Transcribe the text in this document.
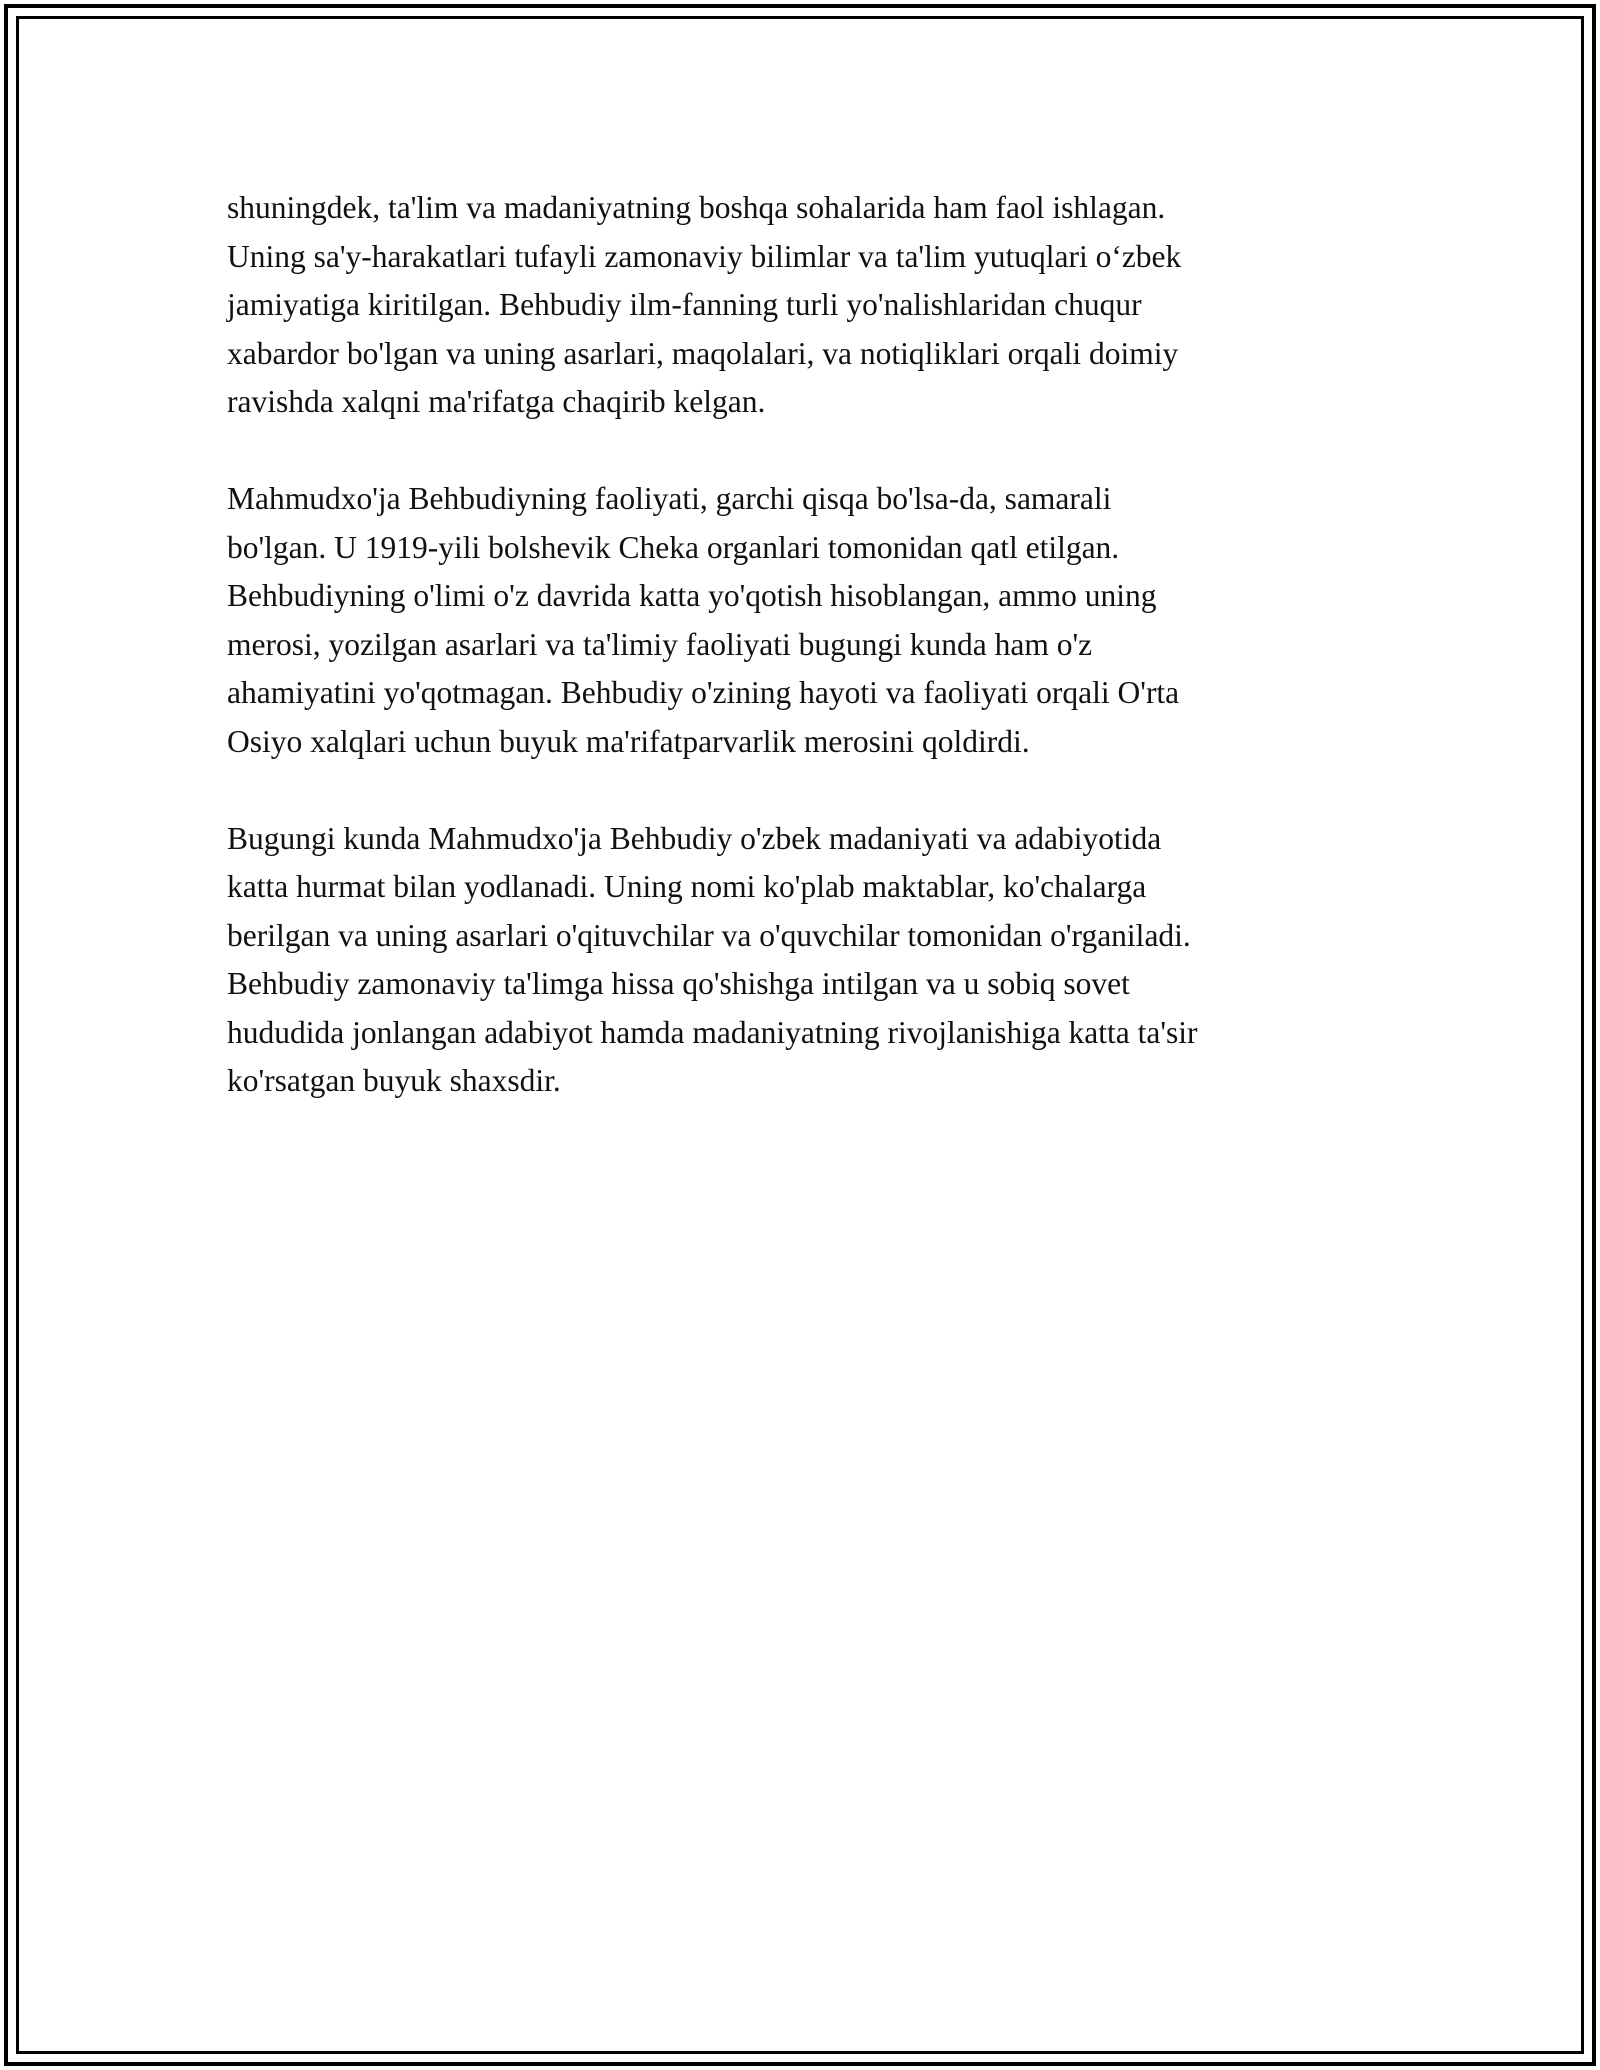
shuningdek, ta'lim va madaniyatning boshqa sohalarida ham faol ishlagan.
Uning sa'y-harakatlari tufayli zamonaviy bilimlar va ta'lim yutuqlari o‘zbek
jamiyatiga kiritilgan. Behbudiy ilm-fanning turli yo'nalishlaridan chuqur
xabardor bo'lgan va uning asarlari, maqolalari, va notiqliklari orqali doimiy
ravishda xalqni ma'rifatga chaqirib kelgan.

Mahmudxo'ja Behbudiyning faoliyati, garchi qisqa bo'lsa-da, samarali
bo'lgan. U 1919-yili bolshevik Cheka organlari tomonidan qatl etilgan.
Behbudiyning o'limi o'z davrida katta yo'qotish hisoblangan, ammo uning
merosi, yozilgan asarlari va ta'limiy faoliyati bugungi kunda ham o'z
ahamiyatini yo'qotmagan. Behbudiy o'zining hayoti va faoliyati orqali O'rta
Osiyo xalqlari uchun buyuk ma'rifatparvarlik merosini qoldirdi.

Bugungi kunda Mahmudxo'ja Behbudiy o'zbek madaniyati va adabiyotida
katta hurmat bilan yodlanadi. Uning nomi ko'plab maktablar, ko'chalarga
berilgan va uning asarlari o'qituvchilar va o'quvchilar tomonidan o'rganiladi.
Behbudiy zamonaviy ta'limga hissa qo'shishga intilgan va u sobiq sovet
hududida jonlangan adabiyot hamda madaniyatning rivojlanishiga katta ta'sir
ko'rsatgan buyuk shaxsdir.
